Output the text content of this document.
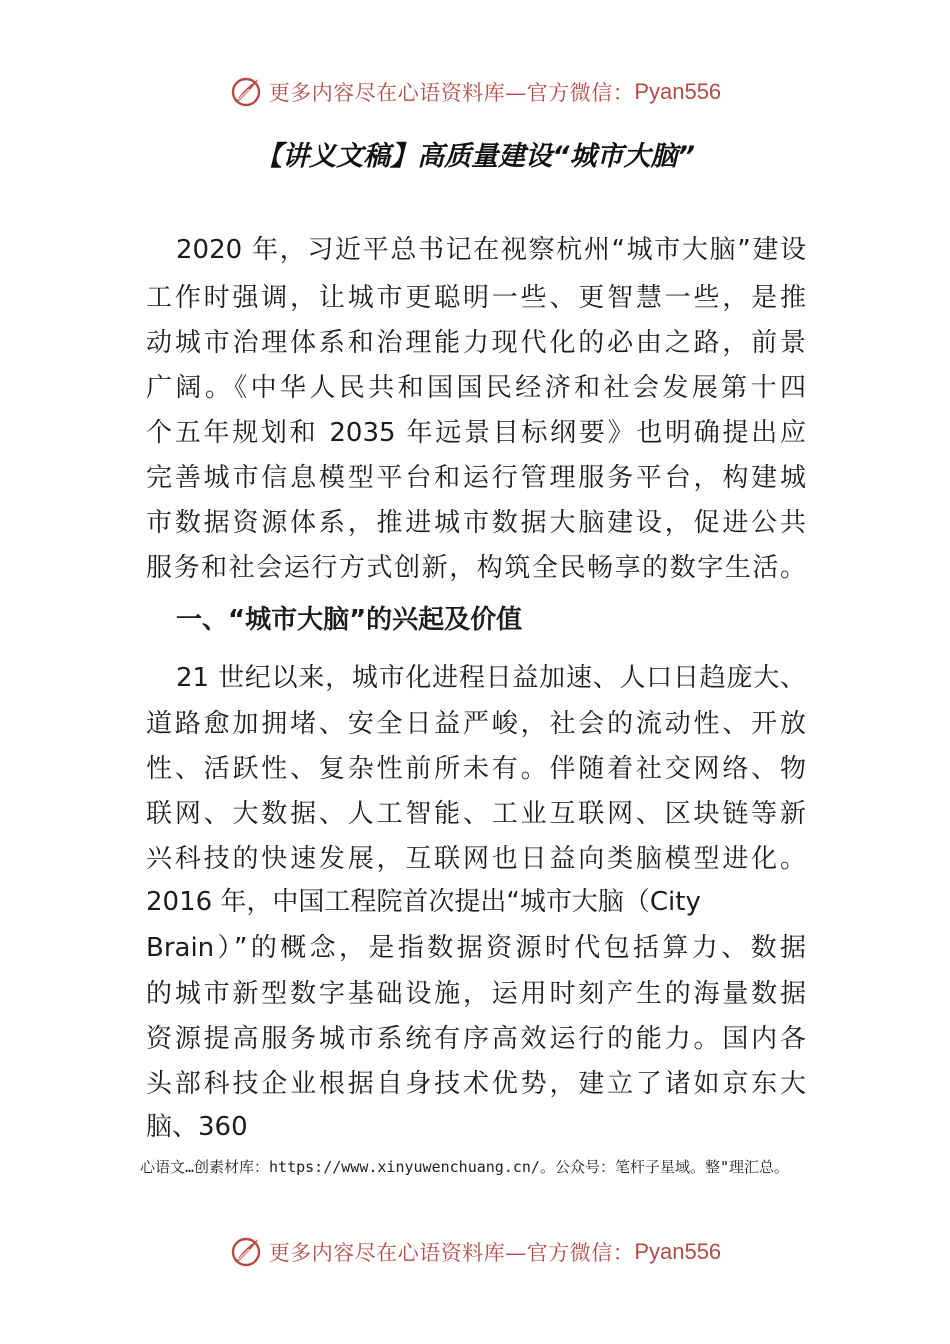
更多内容尽在心语资料库—官方微信： Pyan556
【讲义文稿】高质量建设“城市大脑”
2020 年，习近平总书记在视察杭州“城市大脑”建设
工作时强调，让城市更聪明一些、更智慧一些，是推
动城市治理体系和治理能力现代化的必由之路，前景
广阔。《中华人民共和国国民经济和社会发展第十四
个五年规划和 2035 年远景目标纲要》也明确提出应
完善城市信息模型平台和运行管理服务平台，构建城
市数据资源体系，推进城市数据大脑建设，促进公共
服务和社会运行方式创新，构筑全民畅享的数字生活。
一、“城市大脑”的兴起及价值
21 世纪以来，城市化进程日益加速、人口日趋庞大、
道路愈加拥堵、安全日益严峻，社会的流动性、开放
性、活跃性、复杂性前所未有。伴随着社交网络、物
联网、大数据、人工智能、工业互联网、区块链等新
兴科技的快速发展，互联网也日益向类脑模型进化。
2016 年，中国工程院首次提出“城市大脑（City
Brain）”的概念，是指数据资源时代包括算力、数据
的城市新型数字基础设施，运用时刻产生的海量数据
资源提高服务城市系统有序高效运行的能力。国内各
头部科技企业根据自身技术优势，建立了诸如京东大
脑、360
心语文…创素材库：https://www.xinyuwenchuang.cn/。公众号：笔杆子星域。整"理汇总。
更多内容尽在心语资料库—官方微信： Pyan556
